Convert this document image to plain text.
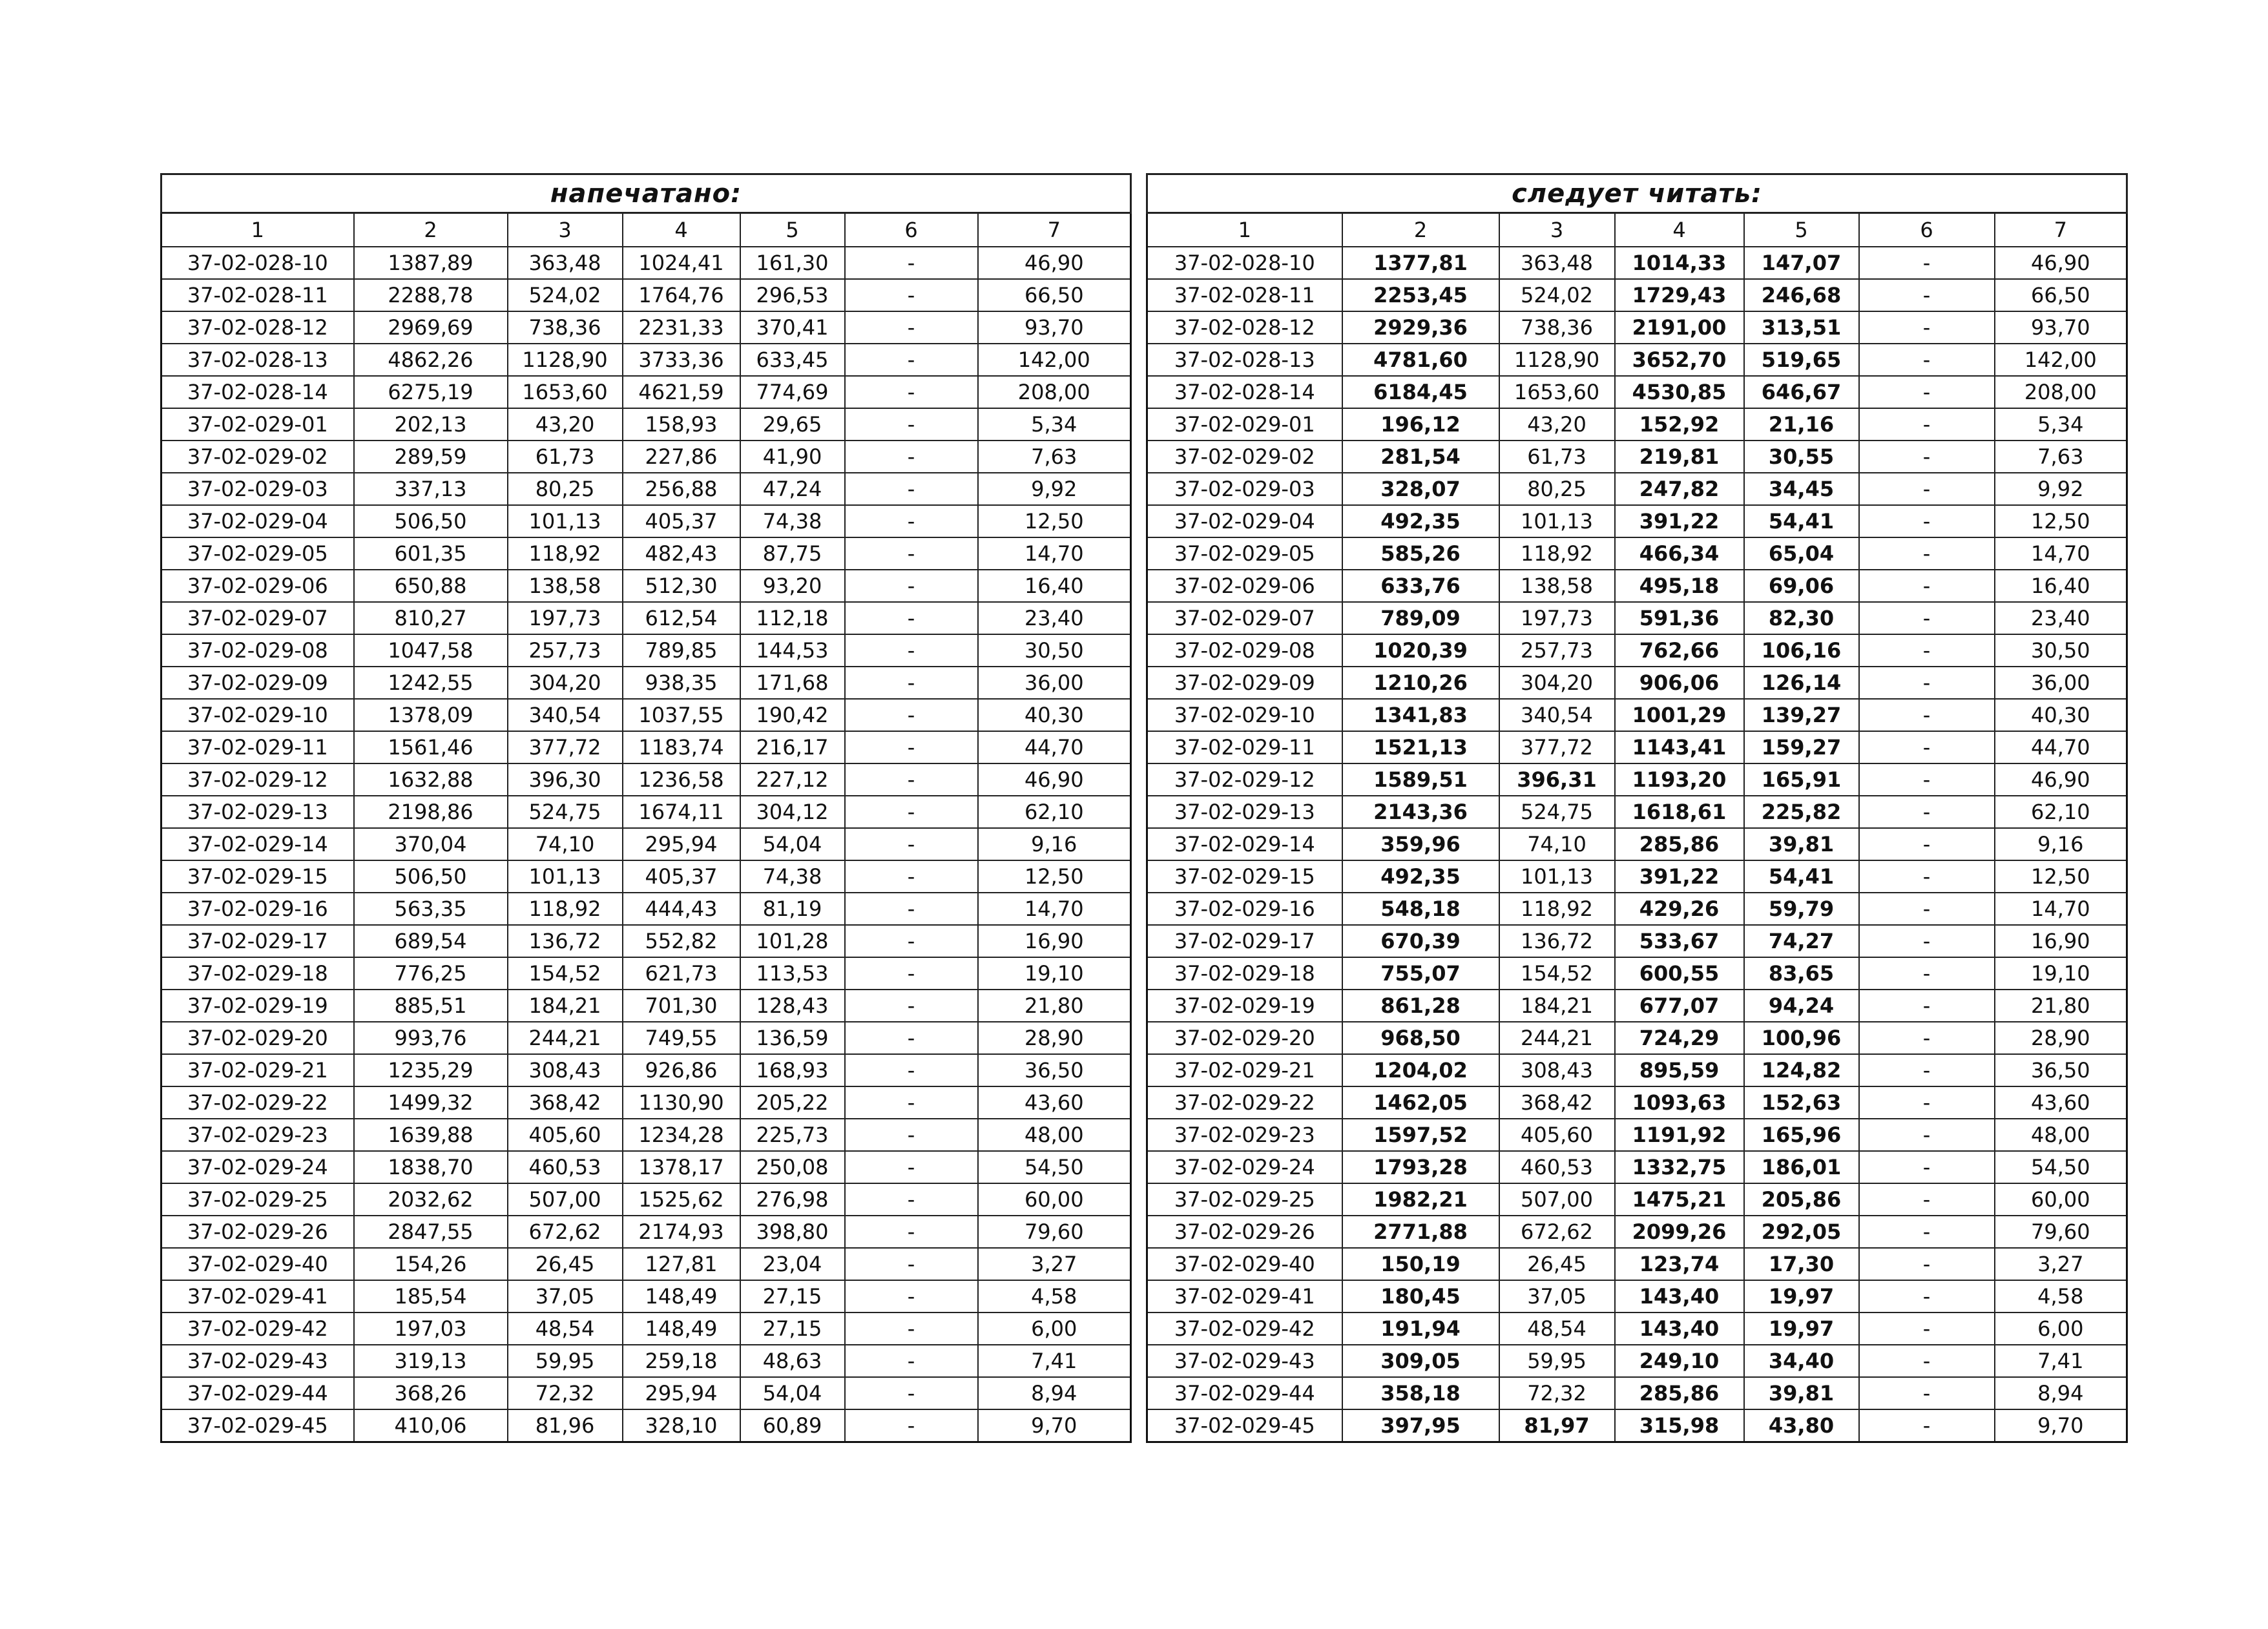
напечатано:						
1	2	3	4	5	6	7
37-02-028-10	1387,89	363,48	1024,41	161,30	-	46,90
37-02-028-11	2288,78	524,02	1764,76	296,53	-	66,50
37-02-028-12	2969,69	738,36	2231,33	370,41	-	93,70
37-02-028-13	4862,26	1128,90	3733,36	633,45	-	142,00
37-02-028-14	6275,19	1653,60	4621,59	774,69	-	208,00
37-02-029-01	202,13	43,20	158,93	29,65	-	5,34
37-02-029-02	289,59	61,73	227,86	41,90	-	7,63
37-02-029-03	337,13	80,25	256,88	47,24	-	9,92
37-02-029-04	506,50	101,13	405,37	74,38	-	12,50
37-02-029-05	601,35	118,92	482,43	87,75	-	14,70
37-02-029-06	650,88	138,58	512,30	93,20	-	16,40
37-02-029-07	810,27	197,73	612,54	112,18	-	23,40
37-02-029-08	1047,58	257,73	789,85	144,53	-	30,50
37-02-029-09	1242,55	304,20	938,35	171,68	-	36,00
37-02-029-10	1378,09	340,54	1037,55	190,42	-	40,30
37-02-029-11	1561,46	377,72	1183,74	216,17	-	44,70
37-02-029-12	1632,88	396,30	1236,58	227,12	-	46,90
37-02-029-13	2198,86	524,75	1674,11	304,12	-	62,10
37-02-029-14	370,04	74,10	295,94	54,04	-	9,16
37-02-029-15	506,50	101,13	405,37	74,38	-	12,50
37-02-029-16	563,35	118,92	444,43	81,19	-	14,70
37-02-029-17	689,54	136,72	552,82	101,28	-	16,90
37-02-029-18	776,25	154,52	621,73	113,53	-	19,10
37-02-029-19	885,51	184,21	701,30	128,43	-	21,80
37-02-029-20	993,76	244,21	749,55	136,59	-	28,90
37-02-029-21	1235,29	308,43	926,86	168,93	-	36,50
37-02-029-22	1499,32	368,42	1130,90	205,22	-	43,60
37-02-029-23	1639,88	405,60	1234,28	225,73	-	48,00
37-02-029-24	1838,70	460,53	1378,17	250,08	-	54,50
37-02-029-25	2032,62	507,00	1525,62	276,98	-	60,00
37-02-029-26	2847,55	672,62	2174,93	398,80	-	79,60
37-02-029-40	154,26	26,45	127,81	23,04	-	3,27
37-02-029-41	185,54	37,05	148,49	27,15	-	4,58
37-02-029-42	197,03	48,54	148,49	27,15	-	6,00
37-02-029-43	319,13	59,95	259,18	48,63	-	7,41
37-02-029-44	368,26	72,32	295,94	54,04	-	8,94
37-02-029-45	410,06	81,96	328,10	60,89	-	9,70
следует читать:						
1	2	3	4	5	6	7
37-02-028-10	1377,81	363,48	1014,33	147,07	-	46,90
37-02-028-11	2253,45	524,02	1729,43	246,68	-	66,50
37-02-028-12	2929,36	738,36	2191,00	313,51	-	93,70
37-02-028-13	4781,60	1128,90	3652,70	519,65	-	142,00
37-02-028-14	6184,45	1653,60	4530,85	646,67	-	208,00
37-02-029-01	196,12	43,20	152,92	21,16	-	5,34
37-02-029-02	281,54	61,73	219,81	30,55	-	7,63
37-02-029-03	328,07	80,25	247,82	34,45	-	9,92
37-02-029-04	492,35	101,13	391,22	54,41	-	12,50
37-02-029-05	585,26	118,92	466,34	65,04	-	14,70
37-02-029-06	633,76	138,58	495,18	69,06	-	16,40
37-02-029-07	789,09	197,73	591,36	82,30	-	23,40
37-02-029-08	1020,39	257,73	762,66	106,16	-	30,50
37-02-029-09	1210,26	304,20	906,06	126,14	-	36,00
37-02-029-10	1341,83	340,54	1001,29	139,27	-	40,30
37-02-029-11	1521,13	377,72	1143,41	159,27	-	44,70
37-02-029-12	1589,51	396,31	1193,20	165,91	-	46,90
37-02-029-13	2143,36	524,75	1618,61	225,82	-	62,10
37-02-029-14	359,96	74,10	285,86	39,81	-	9,16
37-02-029-15	492,35	101,13	391,22	54,41	-	12,50
37-02-029-16	548,18	118,92	429,26	59,79	-	14,70
37-02-029-17	670,39	136,72	533,67	74,27	-	16,90
37-02-029-18	755,07	154,52	600,55	83,65	-	19,10
37-02-029-19	861,28	184,21	677,07	94,24	-	21,80
37-02-029-20	968,50	244,21	724,29	100,96	-	28,90
37-02-029-21	1204,02	308,43	895,59	124,82	-	36,50
37-02-029-22	1462,05	368,42	1093,63	152,63	-	43,60
37-02-029-23	1597,52	405,60	1191,92	165,96	-	48,00
37-02-029-24	1793,28	460,53	1332,75	186,01	-	54,50
37-02-029-25	1982,21	507,00	1475,21	205,86	-	60,00
37-02-029-26	2771,88	672,62	2099,26	292,05	-	79,60
37-02-029-40	150,19	26,45	123,74	17,30	-	3,27
37-02-029-41	180,45	37,05	143,40	19,97	-	4,58
37-02-029-42	191,94	48,54	143,40	19,97	-	6,00
37-02-029-43	309,05	59,95	249,10	34,40	-	7,41
37-02-029-44	358,18	72,32	285,86	39,81	-	8,94
37-02-029-45	397,95	81,97	315,98	43,80	-	9,70
